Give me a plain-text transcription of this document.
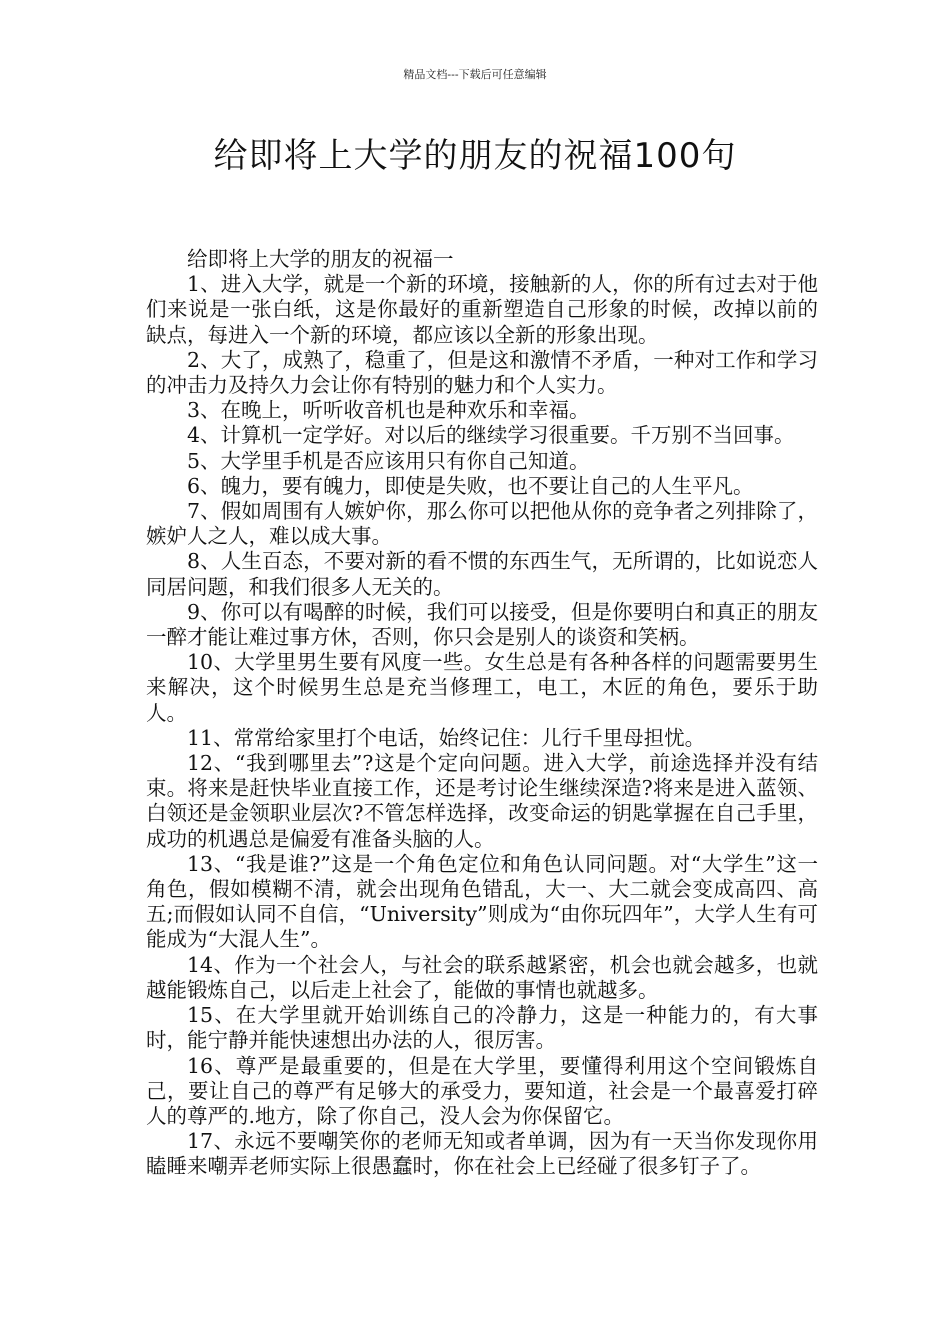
精品文档---下载后可任意编辑
给即将上大学的朋友的祝福100句

给即将上大学的朋友的祝福一

1、进入大学，就是一个新的环境，接触新的人，你的所有过去对于他们来说是一张白纸，这是你最好的重新塑造自己形象的时候，改掉以前的缺点，每进入一个新的环境，都应该以全新的形象出现。

2、大了，成熟了，稳重了，但是这和激情不矛盾，一种对工作和学习的冲击力及持久力会让你有特别的魅力和个人实力。

3、在晚上，听听收音机也是种欢乐和幸福。

4、计算机一定学好。对以后的继续学习很重要。千万别不当回事。

5、大学里手机是否应该用只有你自己知道。

6、魄力，要有魄力，即使是失败，也不要让自己的人生平凡。

7、假如周围有人嫉妒你，那么你可以把他从你的竞争者之列排除了，嫉妒人之人，难以成大事。

8、人生百态，不要对新的看不惯的东西生气，无所谓的，比如说恋人同居问题，和我们很多人无关的。

9、你可以有喝醉的时候，我们可以接受，但是你要明白和真正的朋友一醉才能让难过事方休，否则，你只会是别人的谈资和笑柄。

10、大学里男生要有风度一些。女生总是有各种各样的问题需要男生来解决，这个时候男生总是充当修理工，电工，木匠的角色，要乐于助人。

11、常常给家里打个电话，始终记住：儿行千里母担忧。

12、“我到哪里去”?这是个定向问题。进入大学，前途选择并没有结束。将来是赶快毕业直接工作，还是考讨论生继续深造?将来是进入蓝领、白领还是金领职业层次?不管怎样选择，改变命运的钥匙掌握在自己手里，成功的机遇总是偏爱有准备头脑的人。

13、“我是谁?”这是一个角色定位和角色认同问题。对“大学生”这一角色，假如模糊不清，就会出现角色错乱，大一、大二就会变成高四、高五;而假如认同不自信，“University”则成为“由你玩四年”，大学人生有可能成为“大混人生”。

14、作为一个社会人，与社会的联系越紧密，机会也就会越多，也就越能锻炼自己，以后走上社会了，能做的事情也就越多。

15、在大学里就开始训练自己的冷静力，这是一种能力的，有大事时，能宁静并能快速想出办法的人，很厉害。

16、尊严是最重要的，但是在大学里，要懂得利用这个空间锻炼自己，要让自己的尊严有足够大的承受力，要知道，社会是一个最喜爱打碎人的尊严的.地方，除了你自己，没人会为你保留它。

17、永远不要嘲笑你的老师无知或者单调，因为有一天当你发现你用瞌睡来嘲弄老师实际上很愚蠢时，你在社会上已经碰了很多钉子了。
